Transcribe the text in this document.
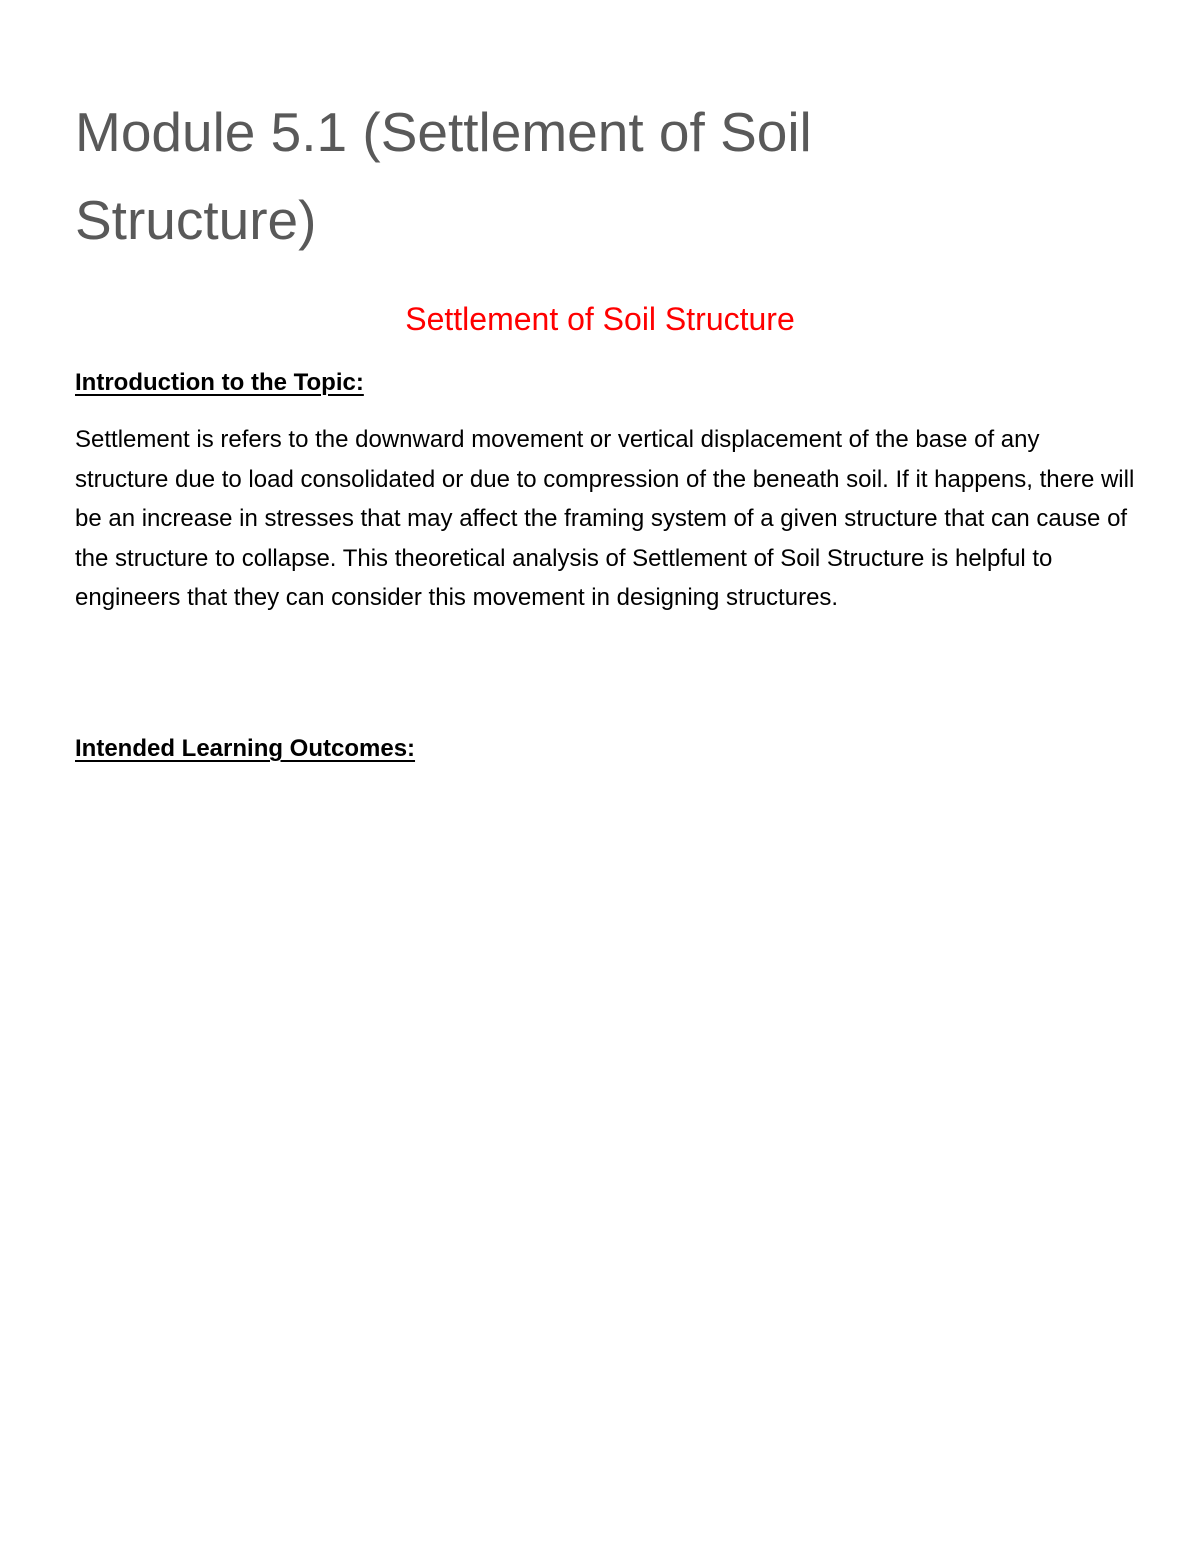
Module 5.1 (Settlement of Soil Structure)
Settlement of Soil Structure
Introduction to the Topic:

Settlement is refers to the downward movement or vertical displacement of the base of any structure due to load consolidated or due to compression of the beneath soil. If it happens, there will be an increase in stresses that may affect the framing system of a given structure that can cause of the structure to collapse. This theoretical analysis of Settlement of Soil Structure is helpful to engineers that they can consider this movement in designing structures.

Intended Learning Outcomes:
